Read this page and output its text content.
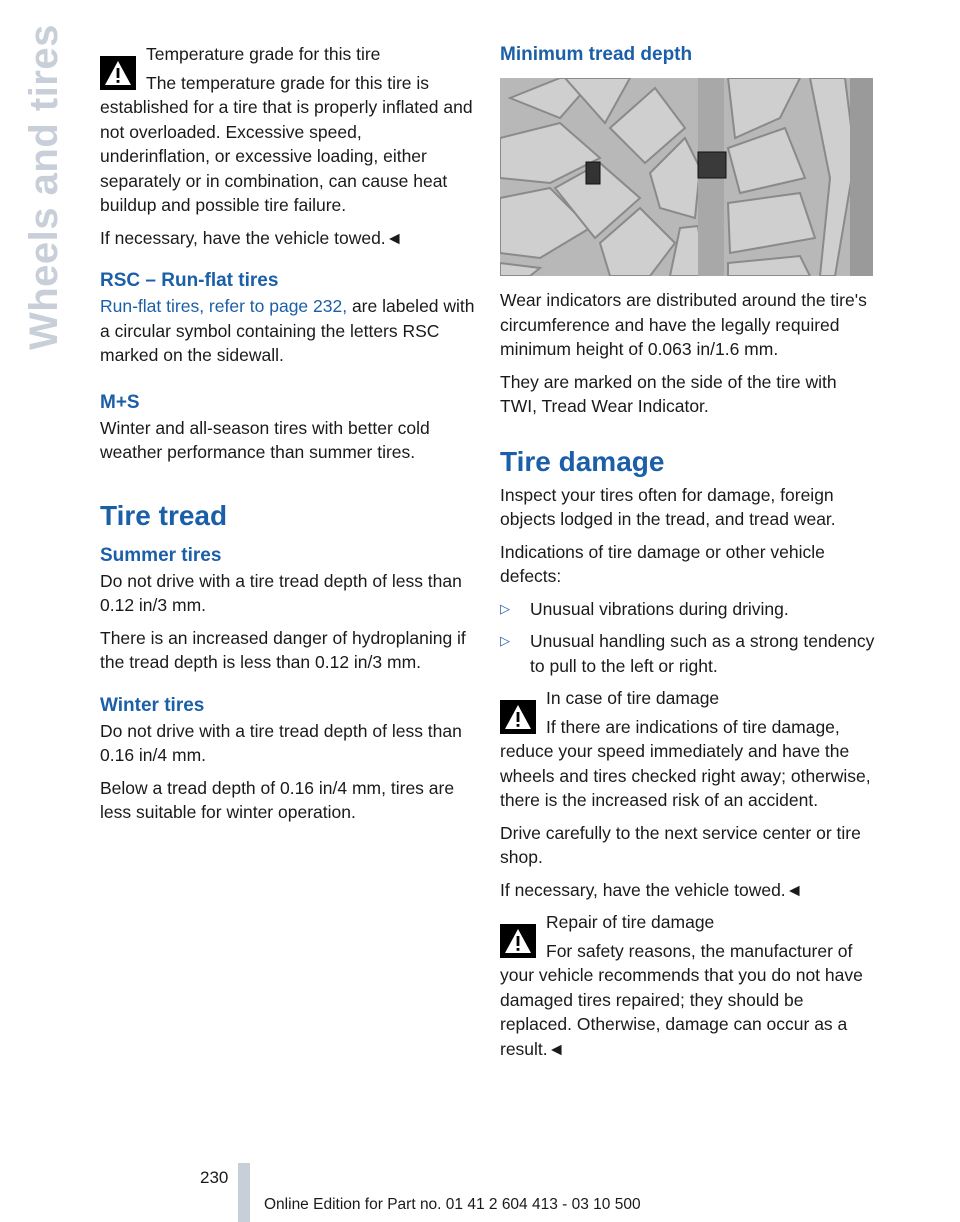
Wheels and tires	Temperature grade for this tire

The temperature grade for this tire is established for a tire that is properly inflated and not overloaded. Excessive speed, underinflation, or excessive loading, either separately or in combination, can cause heat buildup and possible tire failure.

If necessary, have the vehicle towed.◄

RSC – Run-flat tires

Run-flat tires, refer to page 232, are labeled with a circular symbol containing the letters RSC marked on the sidewall.

M+S

Winter and all-season tires with better cold weather performance than summer tires.

Tire tread
Summer tires

Do not drive with a tire tread depth of less than 0.12 in/3 mm.

There is an increased danger of hydroplaning if the tread depth is less than 0.12 in/3 mm.

Winter tires

Do not drive with a tire tread depth of less than 0.16 in/4 mm.

Below a tread depth of 0.16 in/4 mm, tires are less suitable for winter operation.

Minimum tread depth

Wear indicators are distributed around the tire's circumference and have the legally required minimum height of 0.063 in/1.6 mm.

They are marked on the side of the tire with TWI, Tread Wear Indicator.

Tire damage

Inspect your tires often for damage, foreign objects lodged in the tread, and tread wear.

Indications of tire damage or other vehicle defects:

▷	Unusual vibrations during driving.
▷	Unusual handling such as a strong tendency to pull to the left or right.

In case of tire damage

If there are indications of tire damage, reduce your speed immediately and have the wheels and tires checked right away; otherwise, there is the increased risk of an accident.

Drive carefully to the next service center or tire shop.

If necessary, have the vehicle towed.◄

Repair of tire damage

For safety reasons, the manufacturer of your vehicle recommends that you do not have damaged tires repaired; they should be replaced. Otherwise, damage can occur as a result.◄

230
Online Edition for Part no. 01 41 2 604 413 - 03 10 500
